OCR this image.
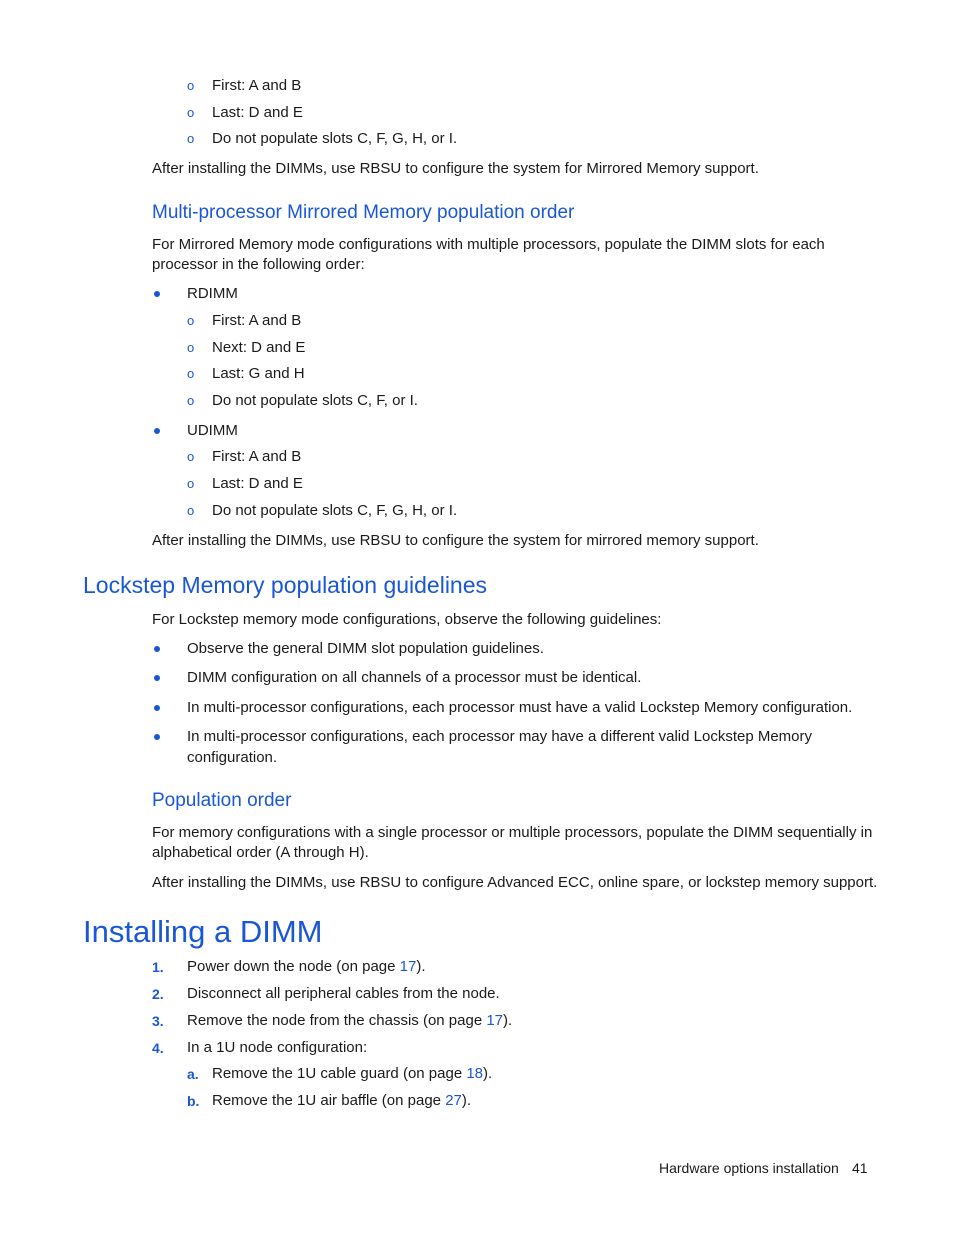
o First: A and B
o Last: D and E
o Do not populate slots C, F, G, H, or I.
After installing the DIMMs, use RBSU to configure the system for Mirrored Memory support.
Multi-processor Mirrored Memory population order
For Mirrored Memory mode configurations with multiple processors, populate the DIMM slots for each
processor in the following order:
RDIMM
o First: A and B
o Next: D and E
o Last: G and H
o Do not populate slots C, F, or I.
UDIMM
o First: A and B
o Last: D and E
o Do not populate slots C, F, G, H, or I.
After installing the DIMMs, use RBSU to configure the system for mirrored memory support.
Lockstep Memory population guidelines
For Lockstep memory mode configurations, observe the following guidelines:
Observe the general DIMM slot population guidelines.
DIMM configuration on all channels of a processor must be identical.
In multi-processor configurations, each processor must have a valid Lockstep Memory configuration.
In multi-processor configurations, each processor may have a different valid Lockstep Memory
configuration.
Population order
For memory configurations with a single processor or multiple processors, populate the DIMM sequentially in
alphabetical order (A through H).
After installing the DIMMs, use RBSU to configure Advanced ECC, online spare, or lockstep memory support.
Installing a DIMM
1. Power down the node (on page 17).
2. Disconnect all peripheral cables from the node.
3. Remove the node from the chassis (on page 17).
4. In a 1U node configuration:
a. Remove the 1U cable guard (on page 18).
b. Remove the 1U air baffle (on page 27).
Hardware options installation 41
